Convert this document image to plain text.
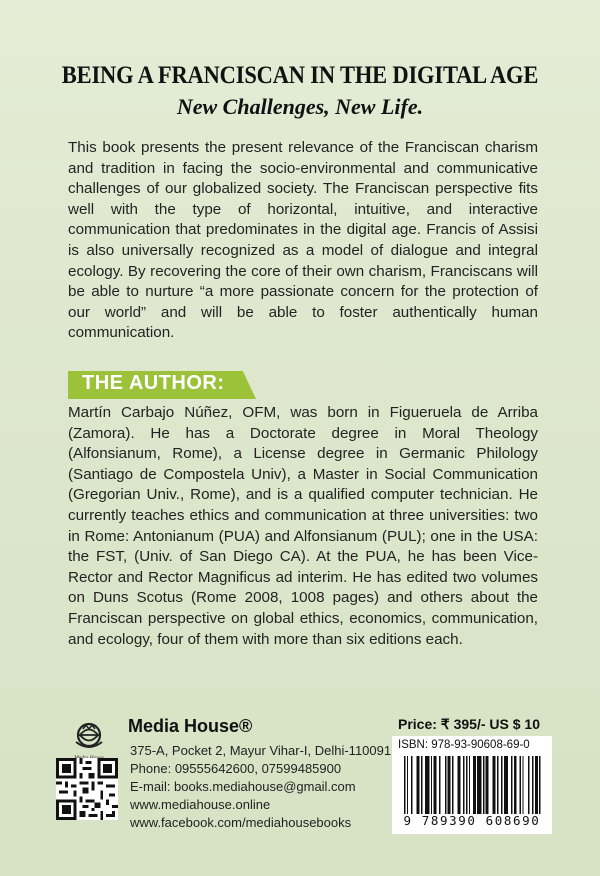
BEING A FRANCISCAN IN THE DIGITAL AGE
New Challenges, New Life.
This book presents the present relevance of the Franciscan charism and tradition in facing the socio-environmental and communicative challenges of our globalized society. The Franciscan perspective fits well with the type of horizontal, intuitive, and interactive communication that predominates in the digital age. Francis of Assisi is also universally recognized as a model of dialogue and integral ecology. By recovering the core of their own charism, Franciscans will be able to nurture “a more passionate concern for the protection of our world” and will be able to foster authentically human communication.
THE AUTHOR:
Martín Carbajo Núñez, OFM, was born in Figueruela de Arriba (Zamora). He has a Doctorate degree in Moral Theology (Alfonsianum, Rome), a License degree in Germanic Philology (Santiago de Compostela Univ), a Master in Social Communication (Gregorian Univ., Rome), and is a qualified computer technician. He currently teaches ethics and communication at three universities: two in Rome: Antonianum (PUA) and Alfonsianum (PUL); one in the USA: the FST, (Univ. of San Diego CA). At the PUA, he has been Vice-Rector and Rector Magnificus ad interim. He has edited two volumes on Duns Scotus (Rome 2008, 1008 pages) and others about the Franciscan perspective on global ethics, economics, communication, and ecology, four of them with more than six editions each.
Media House®
375-A, Pocket 2, Mayur Vihar-I, Delhi-110091
Phone: 09555642600, 07599485900
E-mail: books.mediahouse@gmail.com
www.mediahouse.online
www.facebook.com/mediahousebooks
Price: ₹ 395/- US $ 10
ISBN: 978-93-90608-69-0
9 789390 608690
